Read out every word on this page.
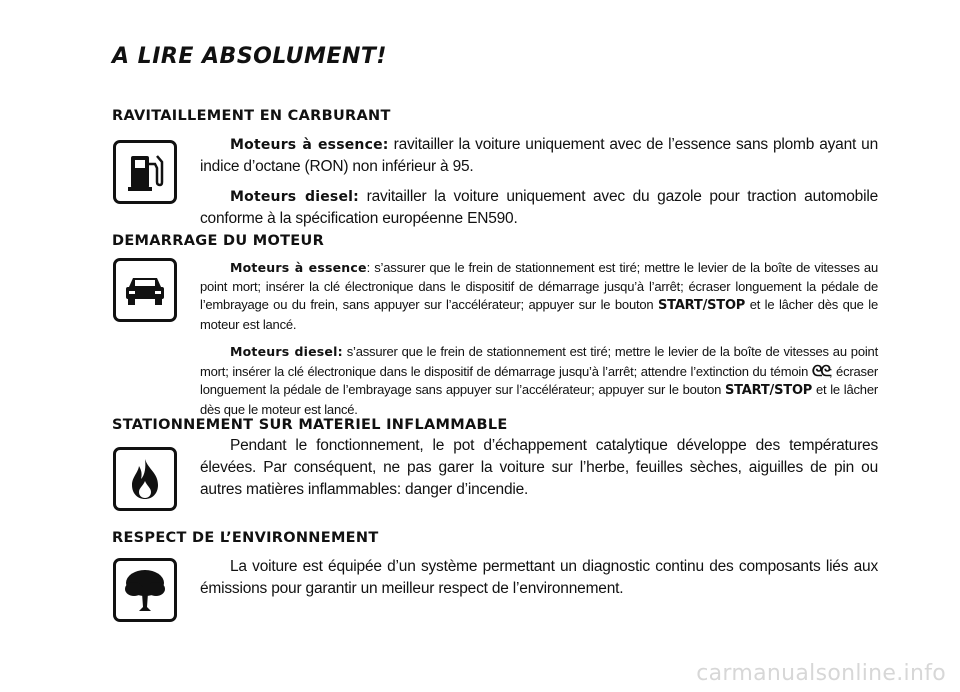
A LIRE ABSOLUMENT!
RAVITAILLEMENT EN CARBURANT

Moteurs à essence: ravitailler la voiture uniquement avec de l’essence sans plomb ayant un indice d’octane (RON) non inférieur à 95.

Moteurs diesel: ravitailler la voiture uniquement avec du gazole pour traction automobile conforme à la spécification européenne EN590.

DEMARRAGE DU MOTEUR

Moteurs à essence: s’assurer que le frein de stationnement est tiré; mettre le levier de la boîte de vitesses au point mort; insérer la clé électronique dans le dispositif de démarrage jusqu’à l’arrêt; écraser longuement la pédale de l’embrayage ou du frein, sans appuyer sur l’accélérateur; appuyer sur le bouton START/STOP et le lâcher dès que le moteur est lancé.

Moteurs diesel: s’assurer que le frein de stationnement est tiré; mettre le levier de la boîte de vitesses au point mort; insérer la clé électronique dans le dispositif de démarrage jusqu’à l’arrêt; attendre l’extinction du témoin ᘓᘓ; écraser longuement la pédale de l’embrayage sans appuyer sur l’accélérateur; appuyer sur le bouton START/STOP et le lâcher dès que le moteur est lancé.

STATIONNEMENT SUR MATERIEL INFLAMMABLE

Pendant le fonctionnement, le pot d’échappement catalytique développe des températures élevées. Par conséquent, ne pas garer la voiture sur l’herbe, feuilles sèches, aiguilles de pin ou autres matières inflammables: danger d’incendie.

RESPECT DE L’ENVIRONNEMENT

La voiture est équipée d’un système permettant un diagnostic continu des composants liés aux émissions pour garantir un meilleur respect de l’environnement.

carmanualsonline.info
